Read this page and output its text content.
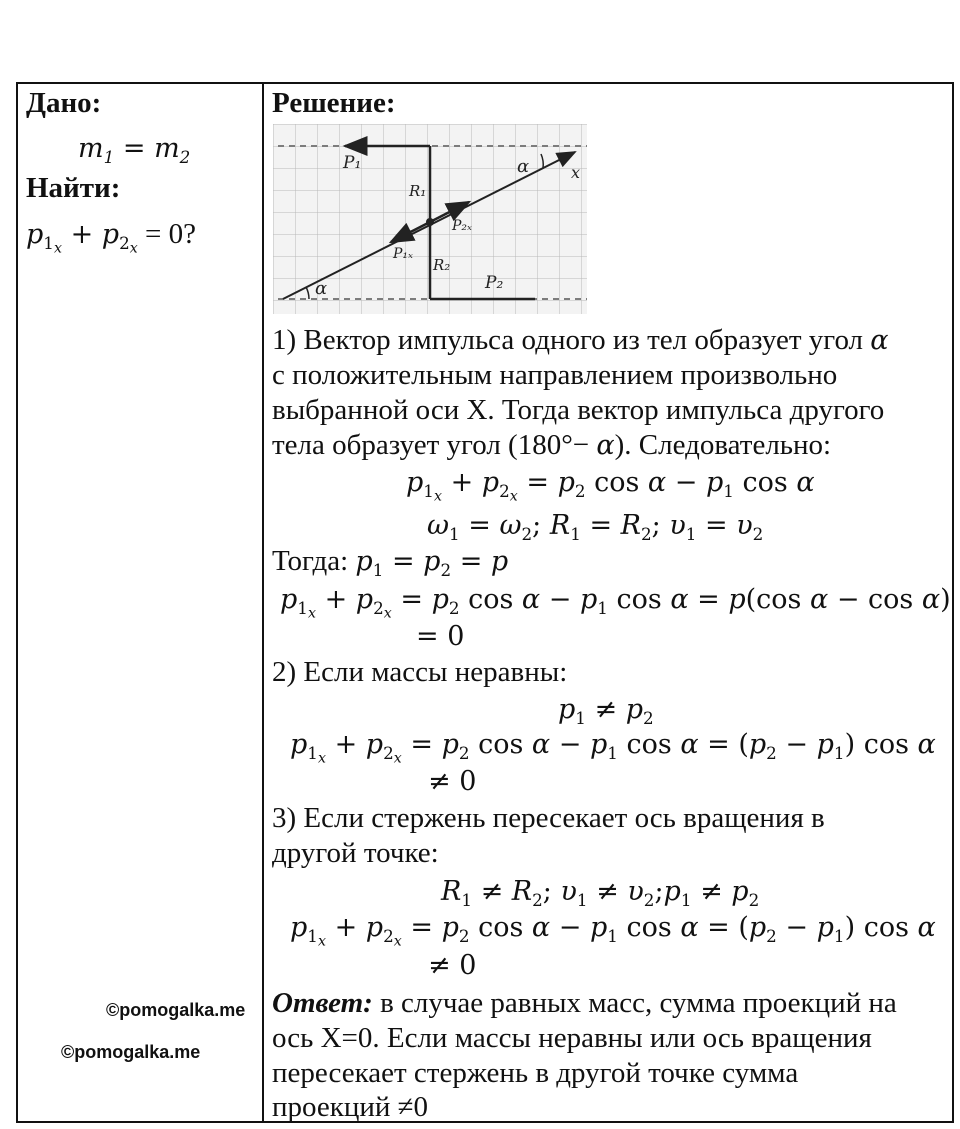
Дано:
$m_1 = m_2$
Найти:
$p_{1_x} + p_{2_x} = 0$?
©pomogalka.me
©pomogalka.me
Решение:
P₁
R₁
P₂ₓ
P₁ₓ
R₂
P₂
α
α
x
1) Вектор импульса одного из тел образует угол α
с положительным направлением произвольно
выбранной оси X. Тогда вектор импульса другого
тела образует угол (180°− α). Следовательно:
$p_{1_x} + p_{2_x} = p_2$ $\cos \alpha - p_1$ cos α
$\omega_1 = \omega_2$; $R_1 = R_2$; $\upsilon_1 = \upsilon_2$
Тогда: $p_1 = p_2 = p$
$p_{1_x} + p_{2_x} = p_2$ $\cos \alpha - p_1$ cos α = p(cos α − cos α)
= 0
2) Если массы неравны:
$p_1 \ne p_2$
$p_{1_x} + p_{2_x} = p_2$ $\cos \alpha - p_1$ $\cos \alpha = (p_2 - p_1)$ cos α
≠ 0
3) Если стержень пересекает ось вращения в
другой точке:
$R_1 \ne R_2$; $\upsilon_1$ ≠ $\upsilon_2;p_1 \ne p_2$
$p_{1_x} + p_{2_x} = p_2$ $\cos \alpha - p_1$ $\cos \alpha = (p_2 - p_1)$ cos α
≠ 0
Ответ: в случае равных масс, сумма проекций на
ось X=0. Если массы неравны или ось вращения
пересекает стержень в другой точке сумма
проекций ≠0
